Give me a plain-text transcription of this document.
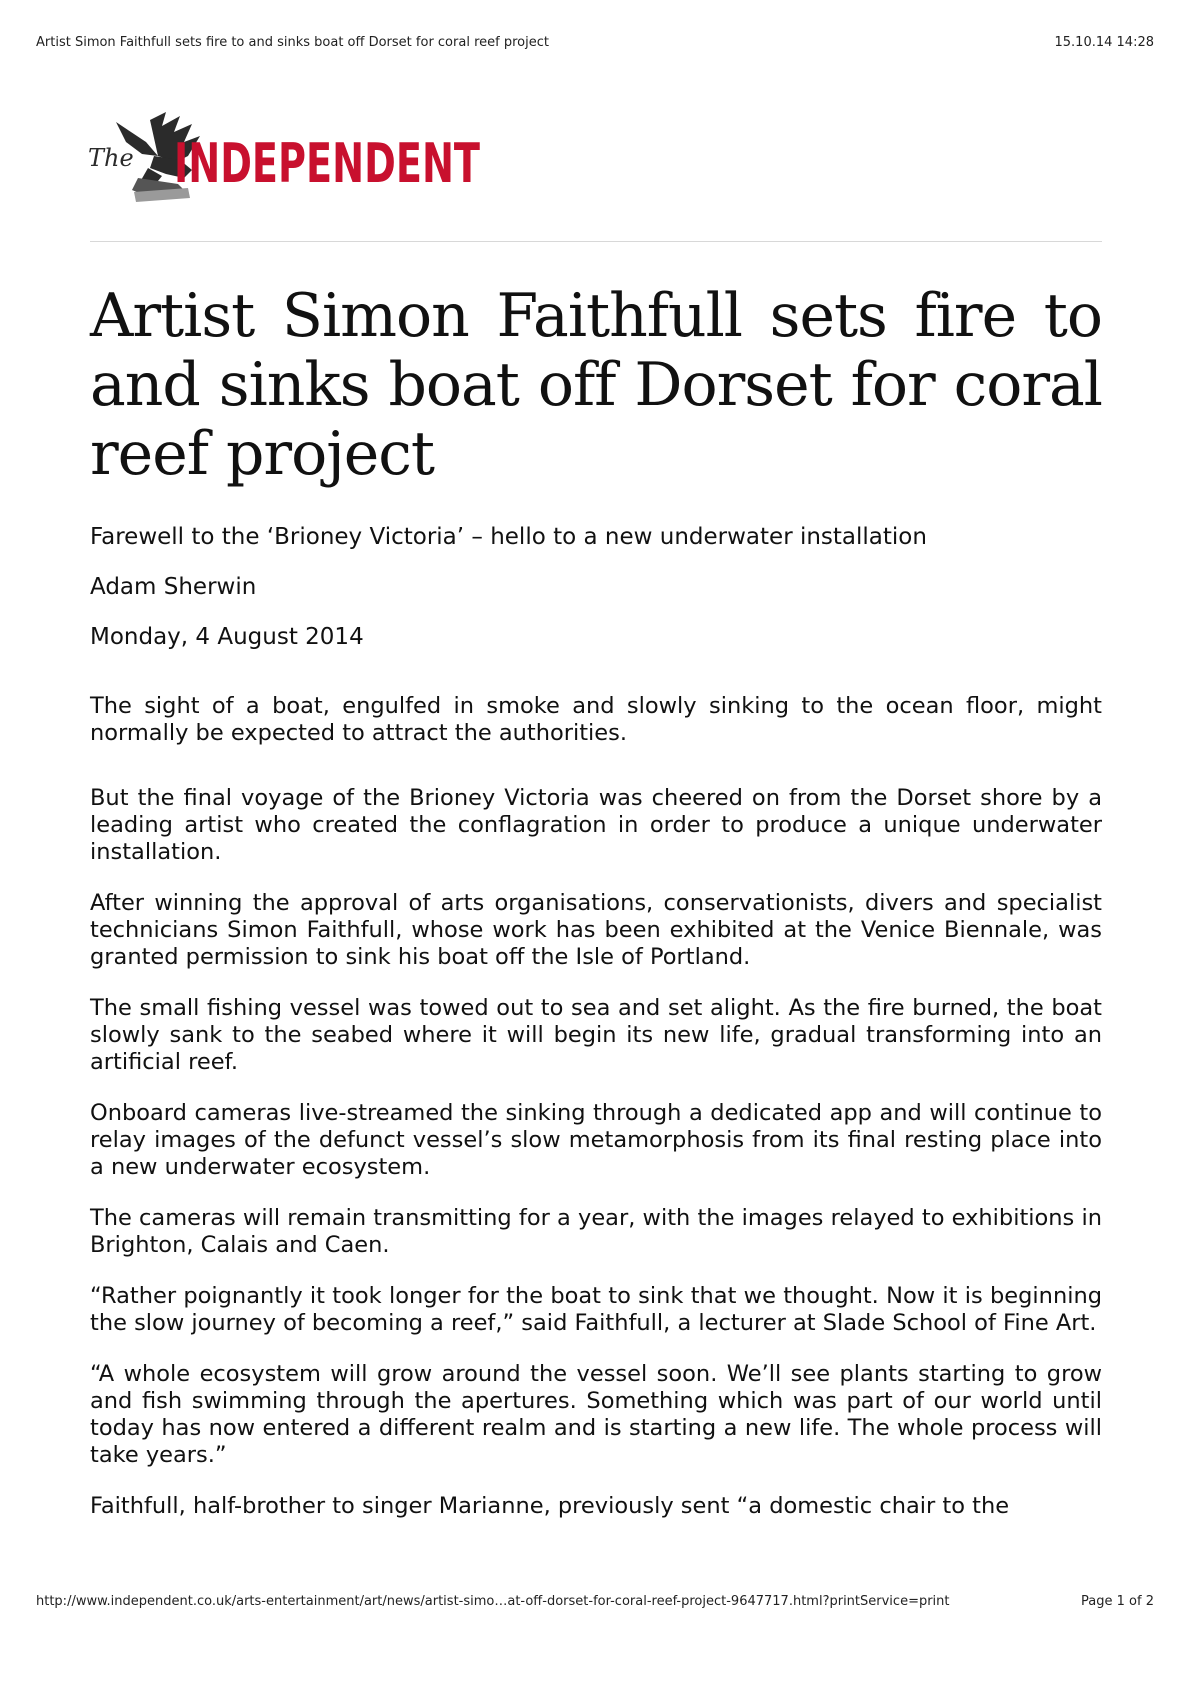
Artist Simon Faithfull sets fire to and sinks boat off Dorset for coral reef project	15.10.14 14:28
The INDEPENDENT
Artist Simon Faithfull sets fire to and sinks boat off Dorset for coral reef project
Farewell to the ‘Brioney Victoria’ – hello to a new underwater installation
Adam Sherwin
Monday, 4 August 2014

The sight of a boat, engulfed in smoke and slowly sinking to the ocean floor, might normally be expected to attract the authorities.

But the final voyage of the Brioney Victoria was cheered on from the Dorset shore by a leading artist who created the conflagration in order to produce a unique underwater installation.

After winning the approval of arts organisations, conservationists, divers and specialist technicians Simon Faithfull, whose work has been exhibited at the Venice Biennale, was granted permission to sink his boat off the Isle of Portland.

The small fishing vessel was towed out to sea and set alight. As the fire burned, the boat slowly sank to the seabed where it will begin its new life, gradual transforming into an artificial reef.

Onboard cameras live-streamed the sinking through a dedicated app and will continue to relay images of the defunct vessel’s slow metamorphosis from its final resting place into a new underwater ecosystem.

The cameras will remain transmitting for a year, with the images relayed to exhibitions in Brighton, Calais and Caen.

“Rather poignantly it took longer for the boat to sink that we thought. Now it is beginning the slow journey of becoming a reef,” said Faithfull, a lecturer at Slade School of Fine Art.

“A whole ecosystem will grow around the vessel soon. We’ll see plants starting to grow and fish swimming through the apertures. Something which was part of our world until today has now entered a different realm and is starting a new life. The whole process will take years.”

Faithfull, half-brother to singer Marianne, previously sent “a domestic chair to the

http://www.independent.co.uk/arts-entertainment/art/news/artist-simo…at-off-dorset-for-coral-reef-project-9647717.html?printService=print	Page 1 of 2
